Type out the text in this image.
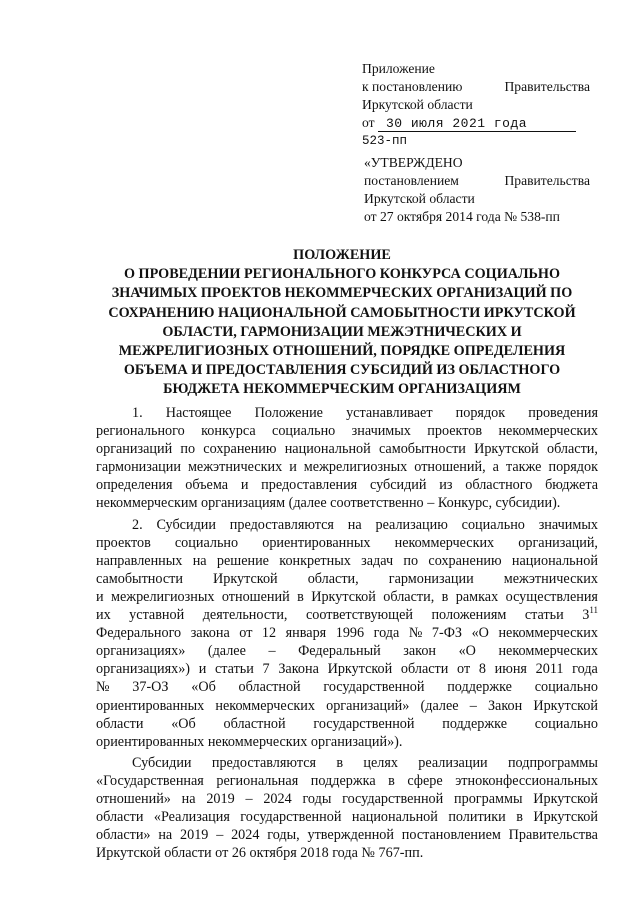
Приложение
к постановлению	Правительства
Иркутской области
от 30 июля 2021 года
523-пп
«УТВЕРЖДЕНО
постановлением	Правительства
Иркутской области
от 27 октября 2014 года № 538-пп
ПОЛОЖЕНИЕ
О ПРОВЕДЕНИИ РЕГИОНАЛЬНОГО КОНКУРСА СОЦИАЛЬНО
ЗНАЧИМЫХ ПРОЕКТОВ НЕКОММЕРЧЕСКИХ ОРГАНИЗАЦИЙ ПО
СОХРАНЕНИЮ НАЦИОНАЛЬНОЙ САМОБЫТНОСТИ ИРКУТСКОЙ
ОБЛАСТИ, ГАРМОНИЗАЦИИ МЕЖЭТНИЧЕСКИХ И
МЕЖРЕЛИГИОЗНЫХ ОТНОШЕНИЙ, ПОРЯДКЕ ОПРЕДЕЛЕНИЯ
ОБЪЕМА И ПРЕДОСТАВЛЕНИЯ СУБСИДИЙ ИЗ ОБЛАСТНОГО
БЮДЖЕТА НЕКОММЕРЧЕСКИМ ОРГАНИЗАЦИЯМ
1. Настоящее Положение устанавливает порядок проведения
регионального конкурса социально значимых проектов некоммерческих
организаций по сохранению национальной самобытности Иркутской области,
гармонизации межэтнических и межрелигиозных отношений, а также порядок
определения объема и предоставления субсидий из областного бюджета
некоммерческим организациям (далее соответственно – Конкурс, субсидии).
2. Субсидии предоставляются на реализацию социально значимых
проектов социально ориентированных некоммерческих организаций,
направленных на решение конкретных задач по сохранению национальной
самобытности Иркутской области, гармонизации межэтнических
и межрелигиозных отношений в Иркутской области, в рамках осуществления
их уставной деятельности, соответствующей положениям статьи $3^{11}$
Федерального закона от 12 января 1996 года № 7-ФЗ «О некоммерческих
организациях» (далее – Федеральный закон «О некоммерческих
организациях») и статьи 7 Закона Иркутской области от 8 июня 2011 года
№ 37-ОЗ «Об областной государственной поддержке социально
ориентированных некоммерческих организаций» (далее – Закон Иркутской
области «Об областной государственной поддержке социально
ориентированных некоммерческих организаций»).
Субсидии предоставляются в целях реализации подпрограммы
«Государственная региональная поддержка в сфере этноконфессиональных
отношений» на 2019 – 2024 годы государственной программы Иркутской
области «Реализация государственной национальной политики в Иркутской
области» на 2019 – 2024 годы, утвержденной постановлением Правительства
Иркутской области от 26 октября 2018 года № 767-пп.
